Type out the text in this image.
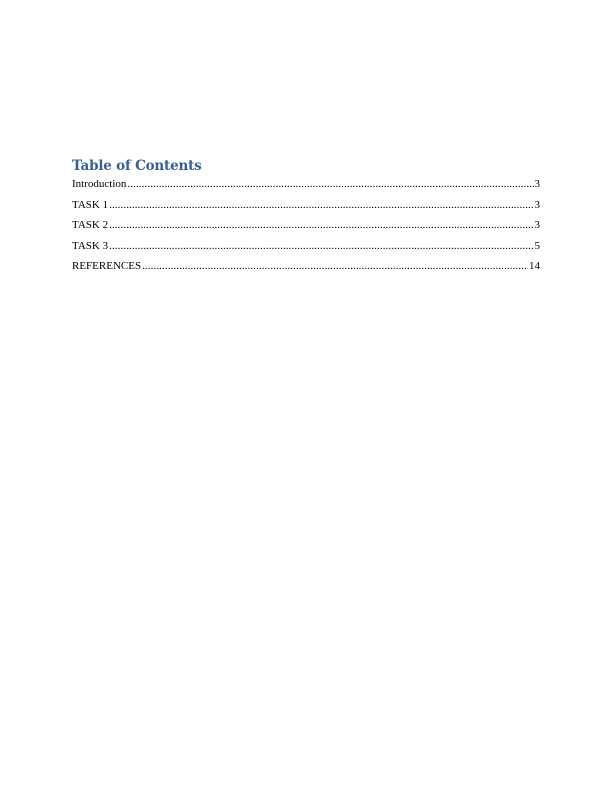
Table of Contents
Introduction .....	3
TASK 1 .....	3
TASK 2 .....	3
TASK 3 .....	5
REFERENCES .....	14
